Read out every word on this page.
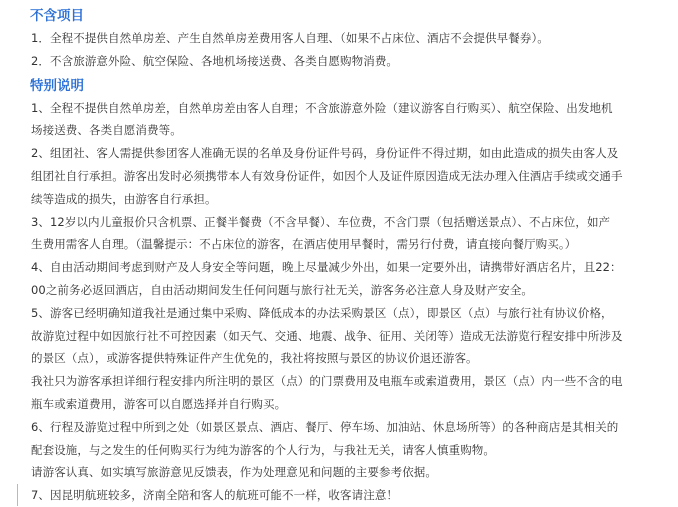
不含项目

1．全程不提供自然单房差、产生自然单房差费用客人自理、（如果不占床位、酒店不会提供早餐券）。

2．不含旅游意外险、航空保险、各地机场接送费、各类自愿购物消费。

特别说明

1、全程不提供自然单房差，自然单房差由客人自理；不含旅游意外险（建议游客自行购买）、航空保险、出发地机

场接送费、各类自愿消费等。

2、组团社、客人需提供参团客人准确无误的名单及身份证件号码，身份证件不得过期，如由此造成的损失由客人及

组团社自行承担。游客出发时必须携带本人有效身份证件，如因个人及证件原因造成无法办理入住酒店手续或交通手

续等造成的损失，由游客自行承担。

3、12岁以内儿童报价只含机票、正餐半餐费（不含早餐）、车位费，不含门票（包括赠送景点）、不占床位，如产

生费用需客人自理。（温馨提示：不占床位的游客，在酒店使用早餐时，需另行付费，请直接向餐厅购买。）

4、自由活动期间考虑到财产及人身安全等问题，晚上尽量减少外出，如果一定要外出，请携带好酒店名片，且22：

00之前务必返回酒店，自由活动期间发生任何问题与旅行社无关，游客务必注意人身及财产安全。

5、游客已经明确知道我社是通过集中采购、降低成本的办法采购景区（点），即景区（点）与旅行社有协议价格，

故游览过程中如因旅行社不可控因素（如天气、交通、地震、战争、征用、关闭等）造成无法游览行程安排中所涉及

的景区（点），或游客提供特殊证件产生优免的，我社将按照与景区的协议价退还游客。

我社只为游客承担详细行程安排内所注明的景区（点）的门票费用及电瓶车或索道费用，景区（点）内一些不含的电

瓶车或索道费用，游客可以自愿选择并自行购买。

6、行程及游览过程中所到之处（如景区景点、酒店、餐厅、停车场、加油站、休息场所等）的各种商店是其相关的

配套设施，与之发生的任何购买行为纯为游客的个人行为，与我社无关，请客人慎重购物。

请游客认真、如实填写旅游意见反馈表，作为处理意见和问题的主要参考依据。

7、因昆明航班较多，济南全陪和客人的航班可能不一样，收客请注意！
